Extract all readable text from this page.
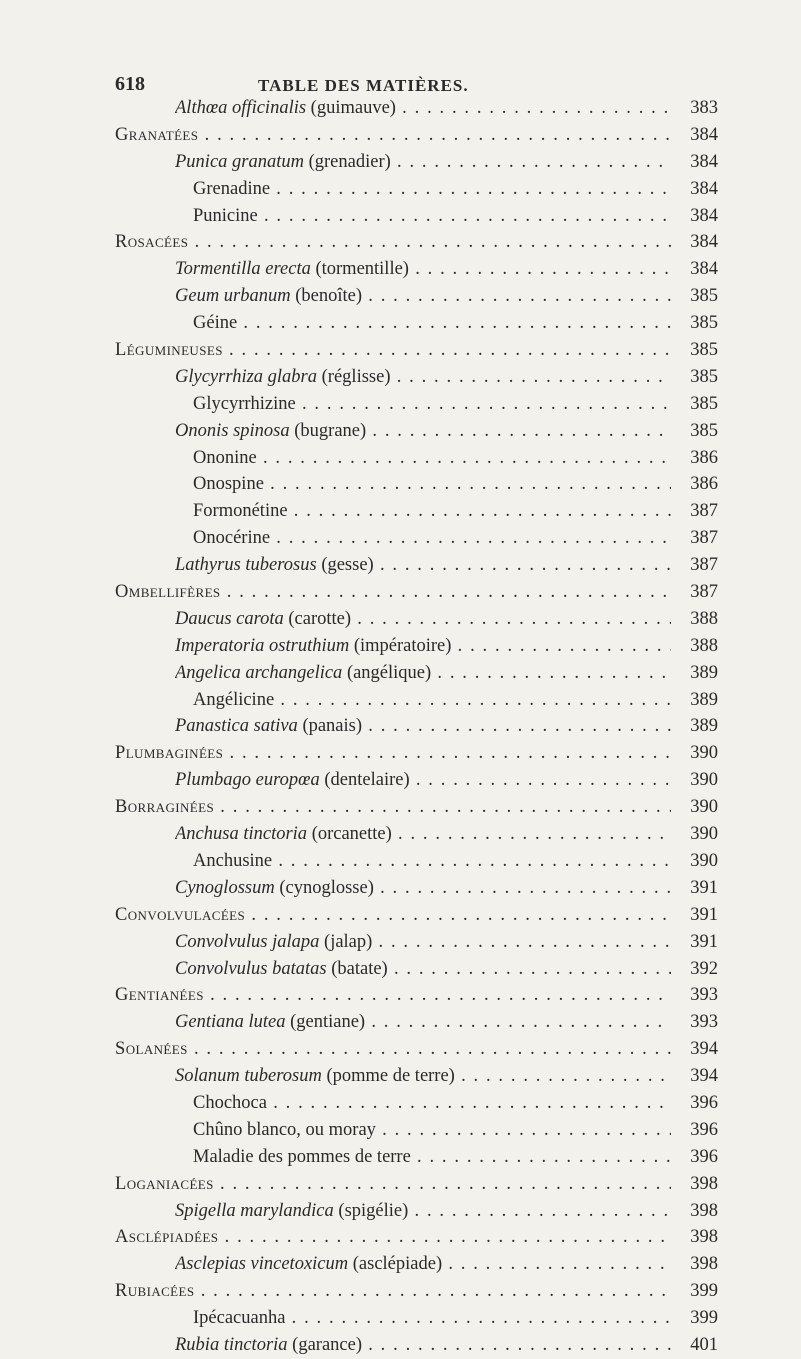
618	TABLE DES MATIÈRES.
Althœa officinalis (guimauve) . . .	383
Granatées . . .	384
Punica granatum (grenadier) . . .	384
Grenadine . . .	384
Punicine . . .	384
Rosacées . . .	384
Tormentilla erecta (tormentille) . . .	384
Geum urbanum (benoîte) . . .	385
Géine . . .	385
Légumineuses . . .	385
Glycyrrhiza glabra (réglisse) . . .	385
Glycyrrhizine . . .	385
Ononis spinosa (bugrane) . . .	385
Ononine . . .	386
Onospine . . .	386
Formonétine . . .	387
Onocérine . . .	387
Lathyrus tuberosus (gesse) . . .	387
Ombellifères . . .	387
Daucus carota (carotte) . . .	388
Imperatoria ostruthium (impératoire) . . .	388
Angelica archangelica (angélique) . . .	389
Angélicine . . .	389
Panastica sativa (panais) . . .	389
Plumbaginées . . .	390
Plumbago europœa (dentelaire) . . .	390
Borraginées . . .	390
Anchusa tinctoria (orcanette) . . .	390
Anchusine . . .	390
Cynoglossum (cynoglosse) . . .	391
Convolvulacées . . .	391
Convolvulus jalapa (jalap) . . .	391
Convolvulus batatas (batate) . . .	392
Gentianées . . .	393
Gentiana lutea (gentiane) . . .	393
Solanées . . .	394
Solanum tuberosum (pomme de terre) . . .	394
Chochoca . . .	396
Chûno blanco, ou moray . . .	396
Maladie des pommes de terre . . .	396
Loganiacées . . .	398
Spigella marylandica (spigélie) . . .	398
Asclépiadées . . .	398
Asclepias vincetoxicum (asclépiade) . . .	398
Rubiacées . . .	399
Ipécacuanha . . .	399
Rubia tinctoria (garance) . . .	401
